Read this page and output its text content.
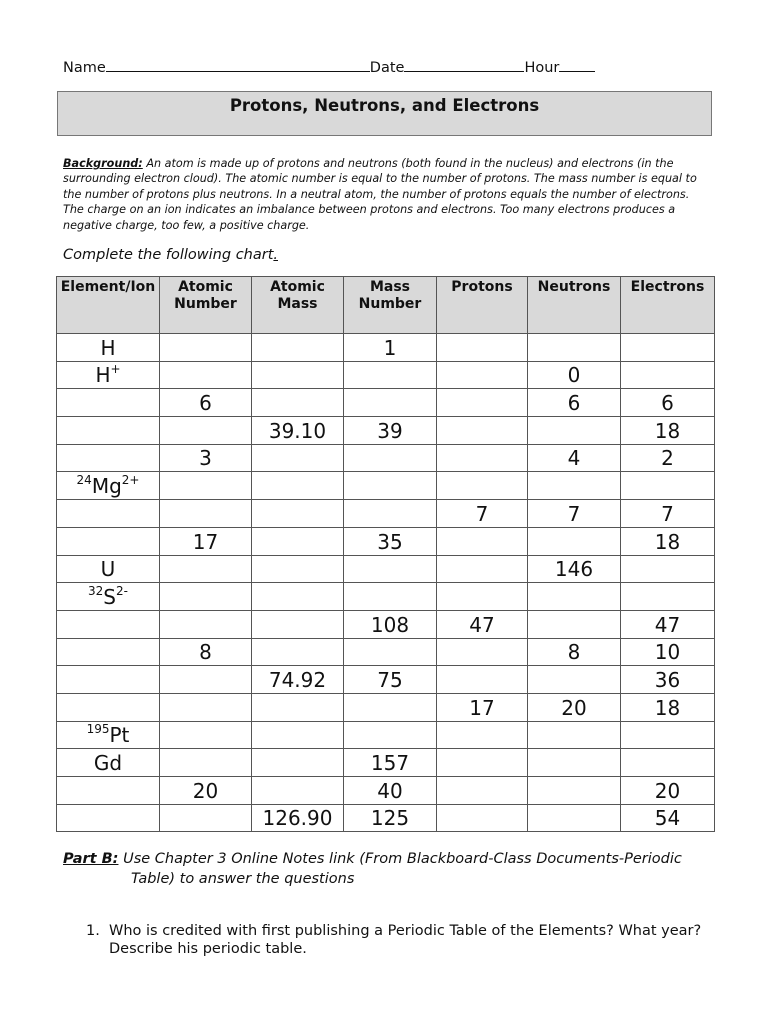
Name	Date	Hour
Protons, Neutrons, and Electrons
Background: An atom is made up of protons and neutrons (both found in the nucleus) and electrons (in the surrounding electron cloud). The atomic number is equal to the number of protons. The mass number is equal to the number of protons plus neutrons. In a neutral atom, the number of protons equals the number of electrons. The charge on an ion indicates an imbalance between protons and electrons. Too many electrons produces a negative charge, too few, a positive charge.
Complete the following chart.
Element/Ion	Atomic Number	Atomic Mass	Mass Number	Protons	Neutrons	Electrons
H			1			
H+					0	
	6				6	6
		39.10	39			18
	3				4	2
$^{24}Mg^{2+}$						
				7	7	7
	17		35			18
U					146	
$^{32}S^{2-}$						
			108	47		47
	8				8	10
		74.92	75			36
				17	20	18
$^{195}$Pt						
Gd			157			
	20		40			20
		126.90	125			54
Part B: Use Chapter 3 Online Notes link (From Blackboard-Class Documents-Periodic
Table) to answer the questions
1. Who is credited with first publishing a Periodic Table of the Elements? What year? Describe his periodic table.
